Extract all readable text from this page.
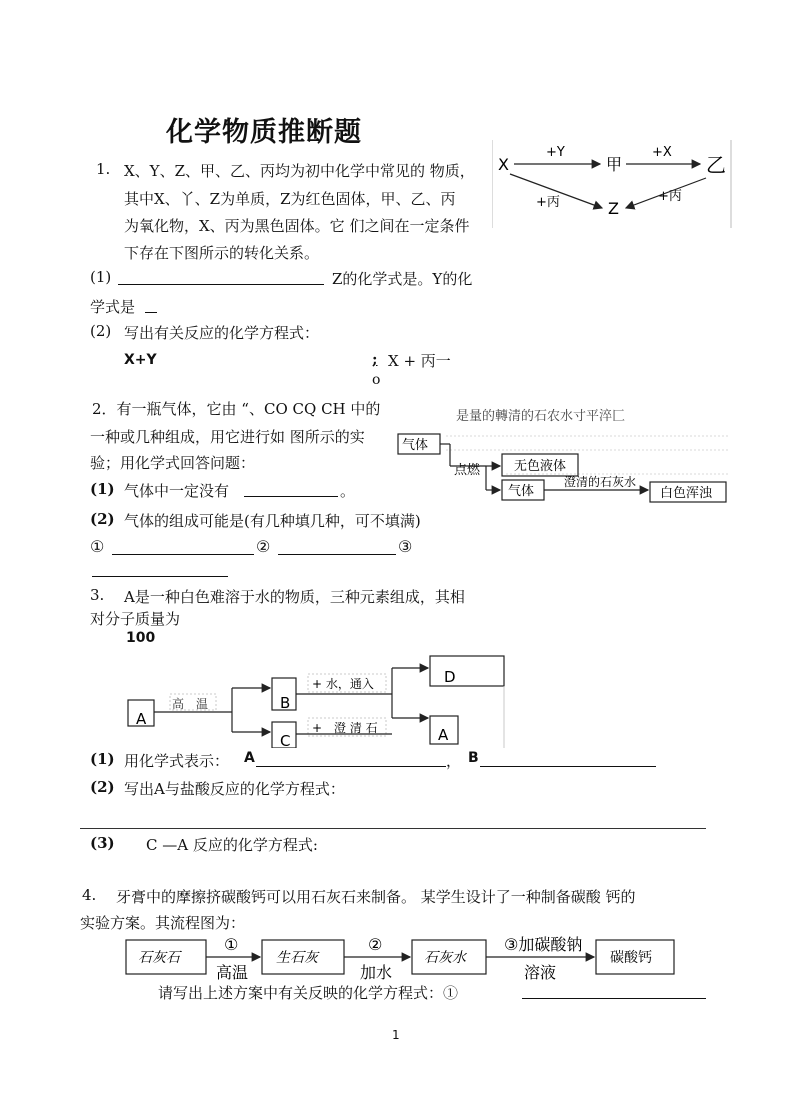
化学物质推断题
1. X、Y、Z、甲、乙、丙均为初中化学中常见的 物质，
其中X、丫、Z为单质，Z为红色固体，甲、乙、丙
为氧化物，X、丙为黑色固体。它 们之间在一定条件
下存在下图所示的转化关系。
X	甲	乙
Z
+Y	+X
+丙	+丙
(1)	Z的化学式是。Y的化
学式是
(2) 写出有关反应的化学方程式：
X+Y	;
o
X + 丙一
2．有一瓶气体，它由 “、CO CQ CH 中的
一种或几种组成，用它进行如 图所示的实
验；用化学式回答问题：
是量的轉清的石农水寸平淬匚
气体
点燃	无色液体
气体
澄清的石灰水
白色浑浊
(1) 气体中一定没有	。
(2) 气体的组成可能是(有几种填几种，可不填满)
①	②	③
3. A是一种白色难溶于水的物质，三种元素组成，其相
对分子质量为
100
A
高　温	B
C
+ 水，通入
+　澄 清 石
D
A
(1) 用化学式表示： A	， B
(2) 写出A与盐酸反应的化学方程式：
(3) C —A 反应的化学方程式:
4. 牙膏中的摩擦挤碳酸钙可以用石灰石来制备。 某学生设计了一种制备碳酸 钙的
实验方案。其流程图为：
石灰石
①
高温
生石灰
②
加水
石灰水
③加碳酸钠
溶液
碳酸钙
请写出上述方案中有关反映的化学方程式：①
1
